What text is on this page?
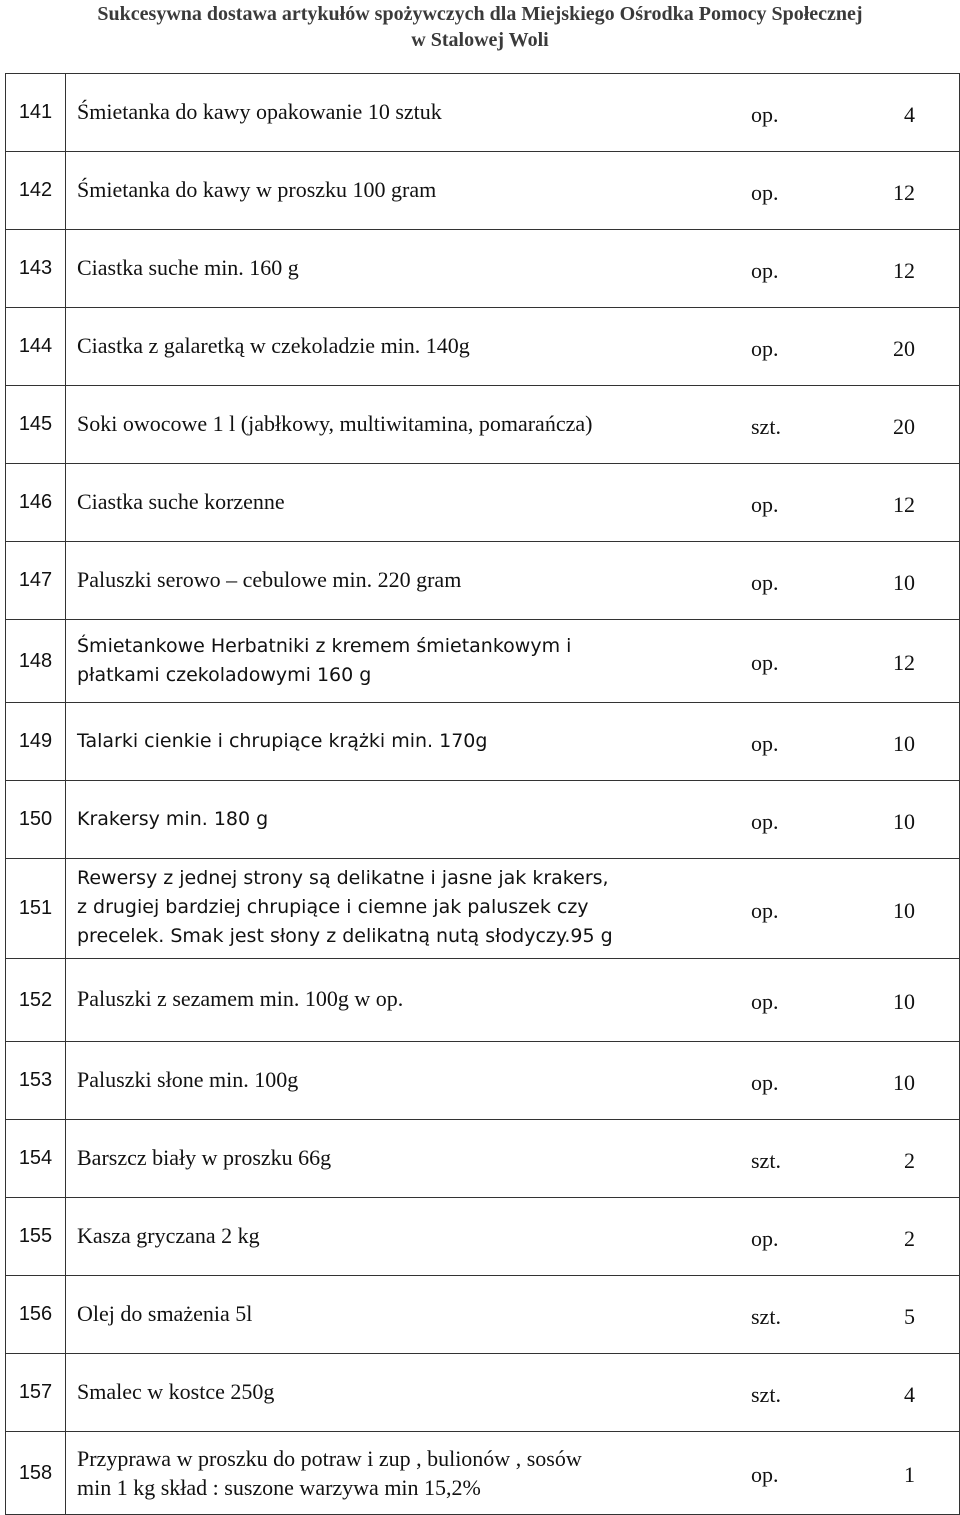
Sukcesywna dostawa artykułów spożywczych dla Miejskiego Ośrodka Pomocy Społecznej
w Stalowej Woli
141	Śmietanka do kawy opakowanie 10 sztuk op. 4

142	Śmietanka do kawy w proszku 100 gram op. 12

143	Ciastka suche min. 160 g op. 12

144	Ciastka z galaretką w czekoladzie min. 140g op. 20

145	Soki owocowe 1 l (jabłkowy, multiwitamina, pomarańcza) szt. 20

146	Ciastka suche korzenne op. 12

147	Paluszki serowo – cebulowe min. 220 gram op. 10

148	Śmietankowe Herbatniki z kremem śmietankowym i
płatkami czekoladowymi 160 g op. 12

149	Talarki cienkie i chrupiące krążki min. 170g op. 10

150	Krakersy min. 180 g op. 10

151	Rewersy z jednej strony są delikatne i jasne jak krakers,
z drugiej bardziej chrupiące i ciemne jak paluszek czy
precelek. Smak jest słony z delikatną nutą słodyczy.95 g
op. 10

152	Paluszki z sezamem min. 100g w op. op. 10

153	Paluszki słone min. 100g op. 10

154	Barszcz biały w proszku 66g szt. 2

155	Kasza gryczana 2 kg op. 2

156	Olej do smażenia 5l szt. 5

157	Smalec w kostce 250g szt. 4

158	Przyprawa w proszku do potraw i zup , bulionów , sosów
min 1 kg skład : suszone warzywa min 15,2%
op. 1
